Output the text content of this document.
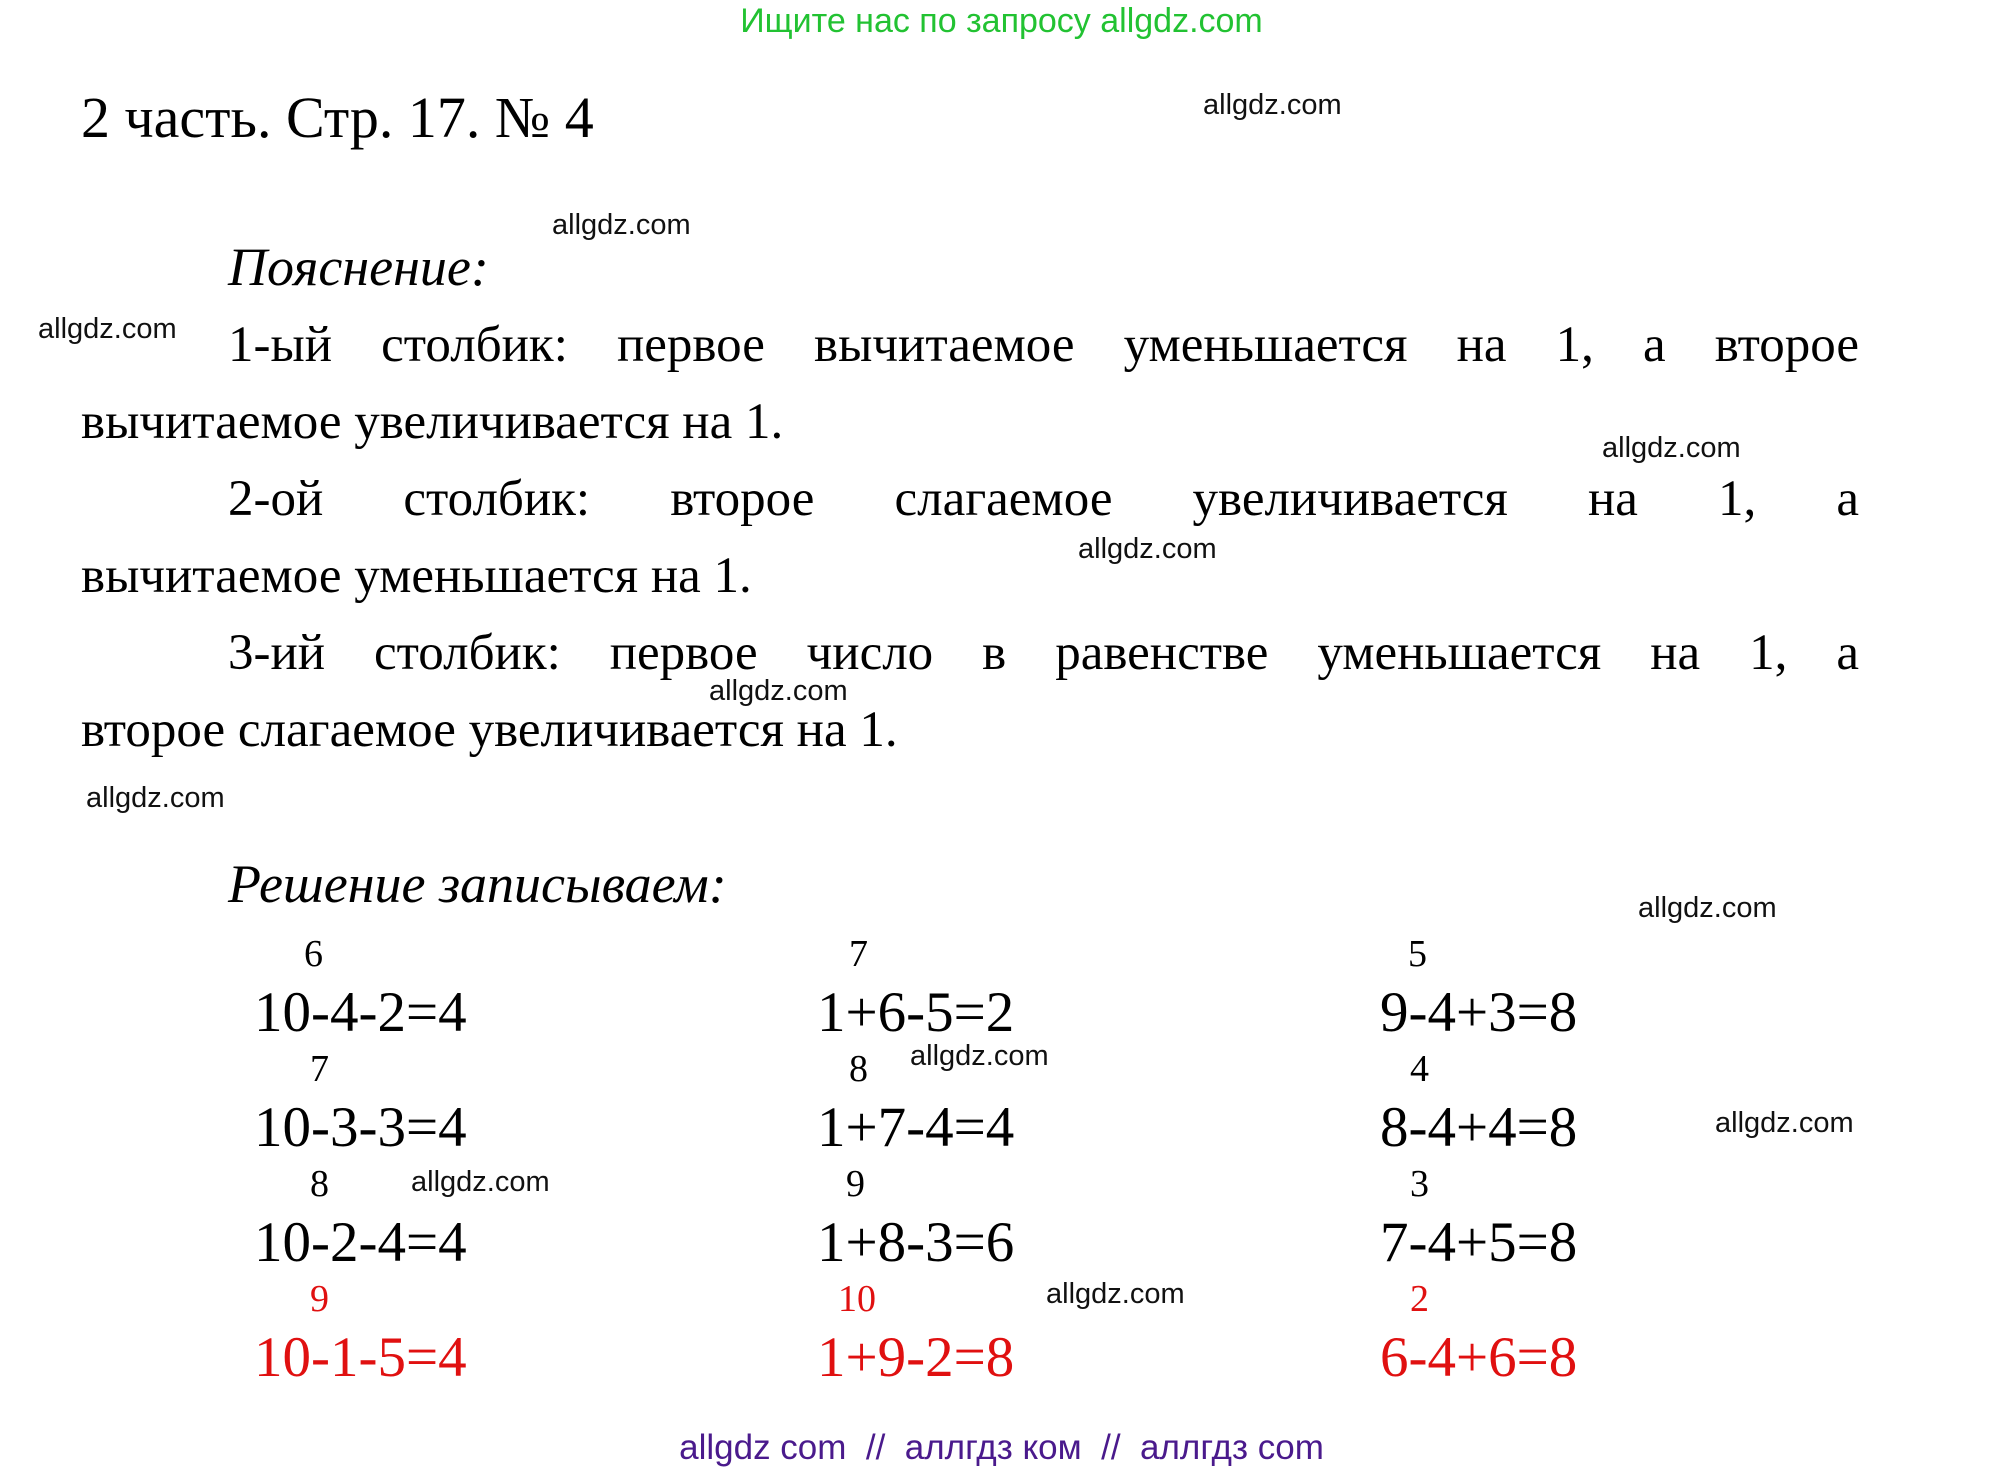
Ищите нас по запросу allgdz.com
2 часть. Стр. 17. № 4
Пояснение:
1-ый столбик: первое вычитаемое уменьшается на 1, а второе
вычитаемое увеличивается на 1.
2-ой столбик: второе слагаемое увеличивается на 1, а
вычитаемое уменьшается на 1.
3-ий столбик: первое число в равенстве уменьшается на 1, а
второе слагаемое увеличивается на 1.
Решение записываем:
6
10-4-2=4
7
10-3-3=4
8
10-2-4=4
9
10-1-5=4
7
1+6-5=2
8
1+7-4=4
9
1+8-3=6
10
1+9-2=8
5
9-4+3=8
4
8-4+4=8
3
7-4+5=8
2
6-4+6=8
allgdz.com
allgdz.com
allgdz.com
allgdz.com
allgdz.com
allgdz.com
allgdz.com
allgdz.com
allgdz.com
allgdz.com
allgdz.com
allgdz.com
allgdz com  //  аллгдз ком  //  аллгдз com
